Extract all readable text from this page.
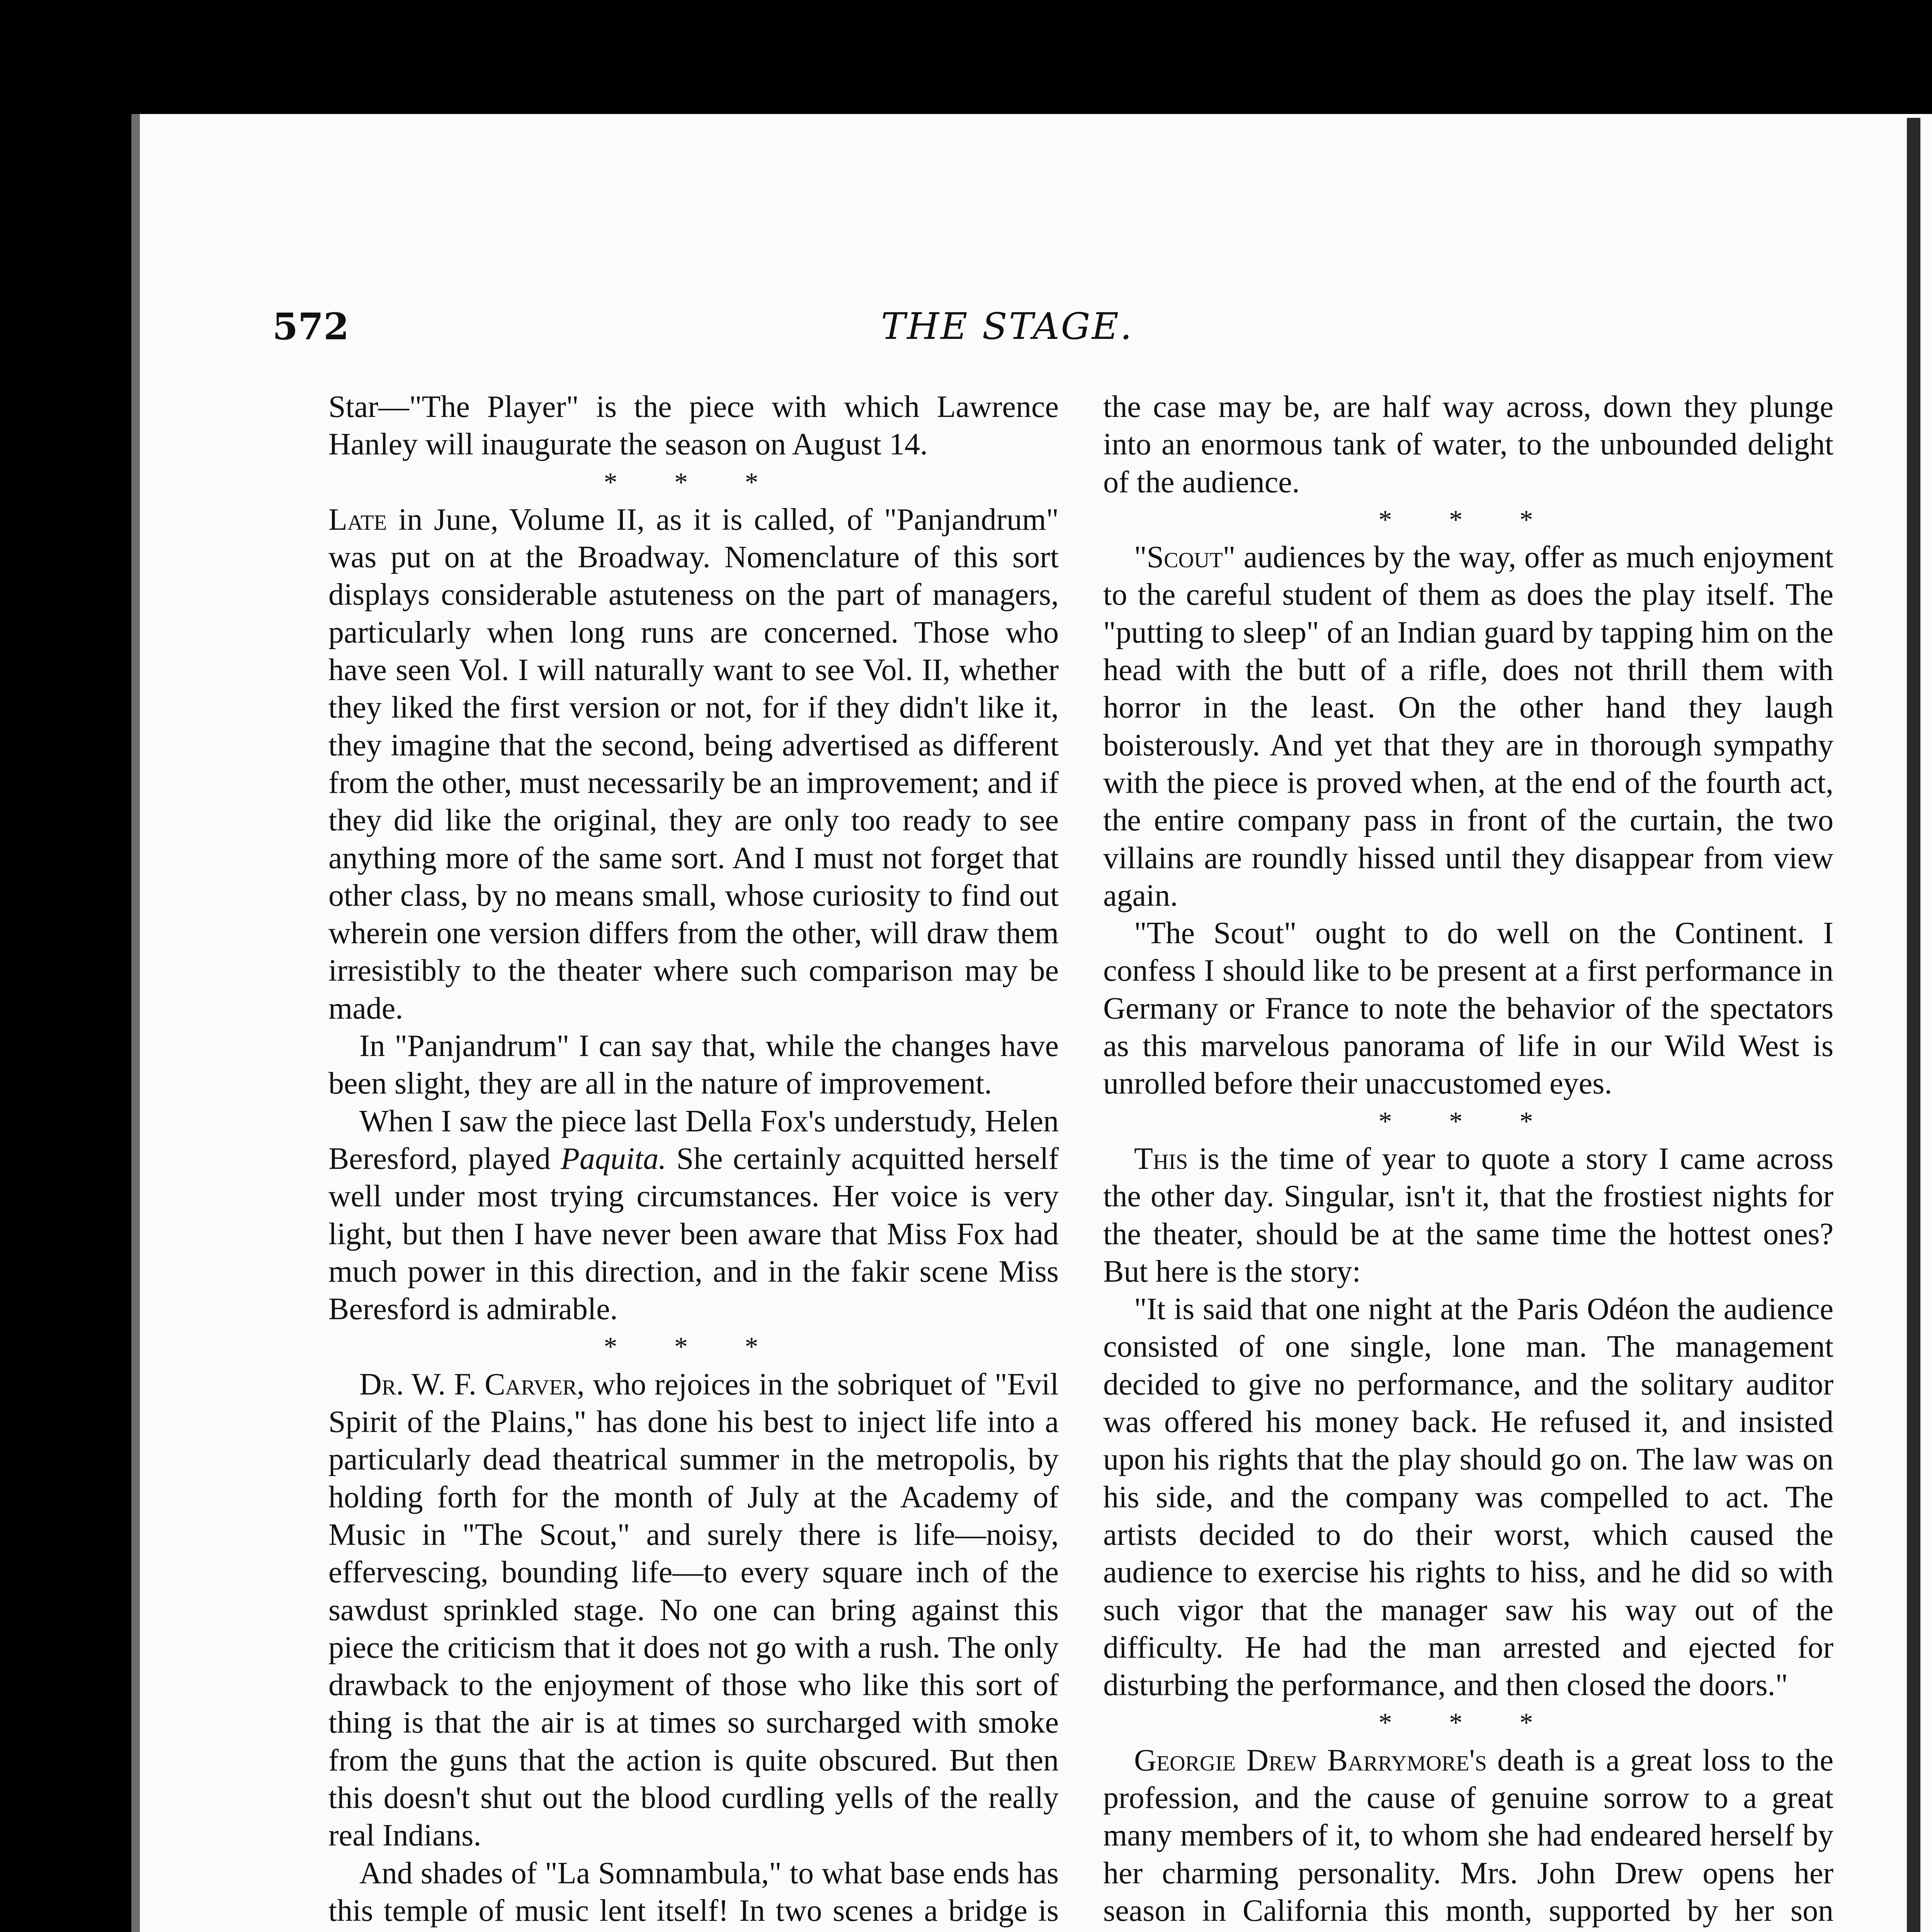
572	THE STAGE.

Star—"The Player" is the piece with which Lawrence Hanley will inaugurate the season on August 14.

* * *

Late in June, Volume II, as it is called, of "Panjandrum" was put on at the Broadway. Nomenclature of this sort displays considerable astuteness on the part of managers, particularly when long runs are concerned. Those who have seen Vol. I will naturally want to see Vol. II, whether they liked the first version or not, for if they didn't like it, they imagine that the second, being advertised as different from the other, must necessarily be an improvement; and if they did like the original, they are only too ready to see anything more of the same sort. And I must not forget that other class, by no means small, whose curiosity to find out wherein one version differs from the other, will draw them irresistibly to the theater where such comparison may be made.

In "Panjandrum" I can say that, while the changes have been slight, they are all in the nature of improvement.

When I saw the piece last Della Fox's understudy, Helen Beresford, played Paquita. She certainly acquitted herself well under most trying circumstances. Her voice is very light, but then I have never been aware that Miss Fox had much power in this direction, and in the fakir scene Miss Beresford is admirable.

* * *

Dr. W. F. Carver, who rejoices in the sobriquet of "Evil Spirit of the Plains," has done his best to inject life into a particularly dead theatrical summer in the metropolis, by holding forth for the month of July at the Academy of Music in "The Scout," and surely there is life—noisy, effervescing, bounding life—to every square inch of the sawdust sprinkled stage. No one can bring against this piece the criticism that it does not go with a rush. The only drawback to the enjoyment of those who like this sort of thing is that the air is at times so surcharged with smoke from the guns that the action is quite obscured. But then this doesn't shut out the blood curdling yells of the really real Indians.

And shades of "La Somnambula," to what base ends has this temple of music lent itself! In two scenes a bridge is

the case may be, are half way across, down they plunge into an enormous tank of water, to the unbounded delight of the audience.

* * *

"Scout" audiences by the way, offer as much enjoyment to the careful student of them as does the play itself. The "putting to sleep" of an Indian guard by tapping him on the head with the butt of a rifle, does not thrill them with horror in the least. On the other hand they laugh boisterously. And yet that they are in thorough sympathy with the piece is proved when, at the end of the fourth act, the entire company pass in front of the curtain, the two villains are roundly hissed until they disappear from view again.

"The Scout" ought to do well on the Continent. I confess I should like to be present at a first performance in Germany or France to note the behavior of the spectators as this marvelous panorama of life in our Wild West is unrolled before their unaccustomed eyes.

* * *

This is the time of year to quote a story I came across the other day. Singular, isn't it, that the frostiest nights for the theater, should be at the same time the hottest ones? But here is the story:

"It is said that one night at the Paris Odéon the audience consisted of one single, lone man. The management decided to give no performance, and the solitary auditor was offered his money back. He refused it, and insisted upon his rights that the play should go on. The law was on his side, and the company was compelled to act. The artists decided to do their worst, which caused the audience to exercise his rights to hiss, and he did so with such vigor that the manager saw his way out of the difficulty. He had the man arrested and ejected for disturbing the performance, and then closed the doors."

* * *

Georgie Drew Barrymore's death is a great loss to the profession, and the cause of genuine sorrow to a great many members of it, to whom she had endeared herself by her charming personality. Mrs. John Drew opens her season in California this month, supported by her son
